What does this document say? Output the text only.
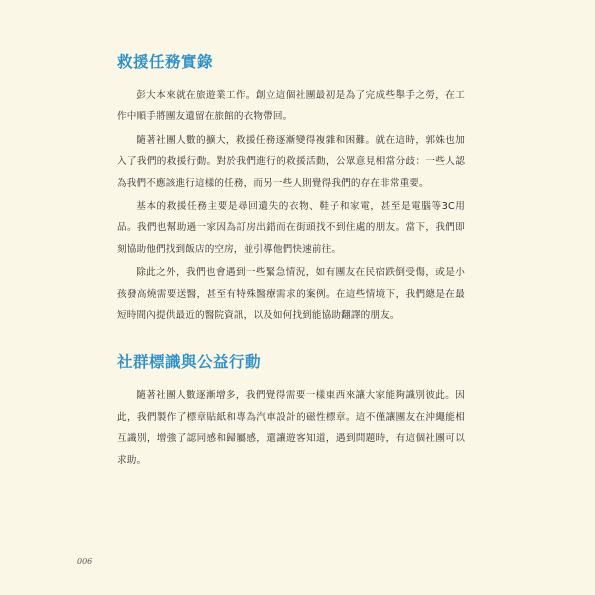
救援任務實錄

彭大本來就在旅遊業工作。創立這個社團最初是為了完成些舉手之勞，在工作中順手將團友遺留在旅館的衣物帶回。

隨著社團人數的擴大，救援任務逐漸變得複雜和困難。就在這時，郭姝也加入了我們的救援行動。對於我們進行的救援活動，公眾意見相當分歧：一些人認為我們不應該進行這樣的任務，而另一些人則覺得我們的存在非常重要。

基本的救援任務主要是尋回遺失的衣物、鞋子和家電，甚至是電腦等3C用品。我們也幫助過一家因為訂房出錯而在街頭找不到住處的朋友。當下，我們即刻協助他們找到飯店的空房，並引導他們快速前往。

除此之外，我們也會遇到一些緊急情況，如有團友在民宿跌倒受傷，或是小孩發高燒需要送醫，甚至有特殊醫療需求的案例。在這些情境下，我們總是在最短時間內提供最近的醫院資訊，以及如何找到能協助翻譯的朋友。

社群標識與公益行動

隨著社團人數逐漸增多，我們覺得需要一樣東西來讓大家能夠識別彼此。因此，我們製作了標章貼紙和專為汽車設計的磁性標章。這不僅讓團友在沖繩能相互識別，增強了認同感和歸屬感，還讓遊客知道，遇到問題時，有這個社團可以求助。

006
